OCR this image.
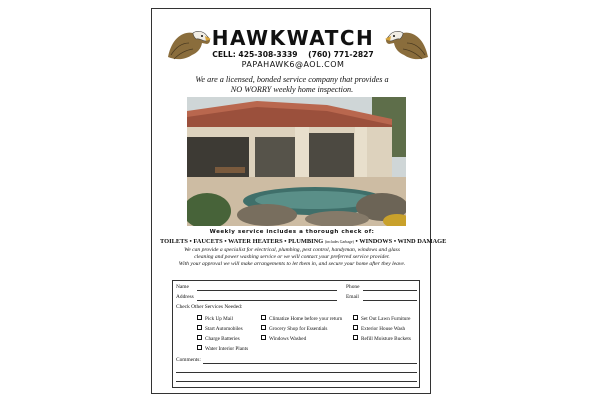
HAWKWATCH
CELL: 425-308-3339 (760) 771-2827
PAPAHAWK6@AOL.COM
We are a licensed, bonded service company that provides a
NO WORRY weekly home inspection.
Weekly service includes a thorough check of:
TOILETS • FAUCETS • WATER HEATERS • PLUMBING (includes Garbage) • WINDOWS • WIND DAMAGE
We can provide a specialist for electrical, plumbing, pest control, handyman, windows and glass
cleaning and power washing service or we will contact your preferred service provider.
With your approval we will make arrangements to let them in, and secure your home after they leave.
Name	Phone
Address	Email
Check Other Services Needed:
Pick Up Mail
Start Automobiles
Charge Batteries
Water Interior Plants
Climatize Home before your return
Grocery Shop for Essentials
Windows Washed
Set Out Lawn Furniture
Exterior House Wash
Refill Moisture Buckets
Comments:
